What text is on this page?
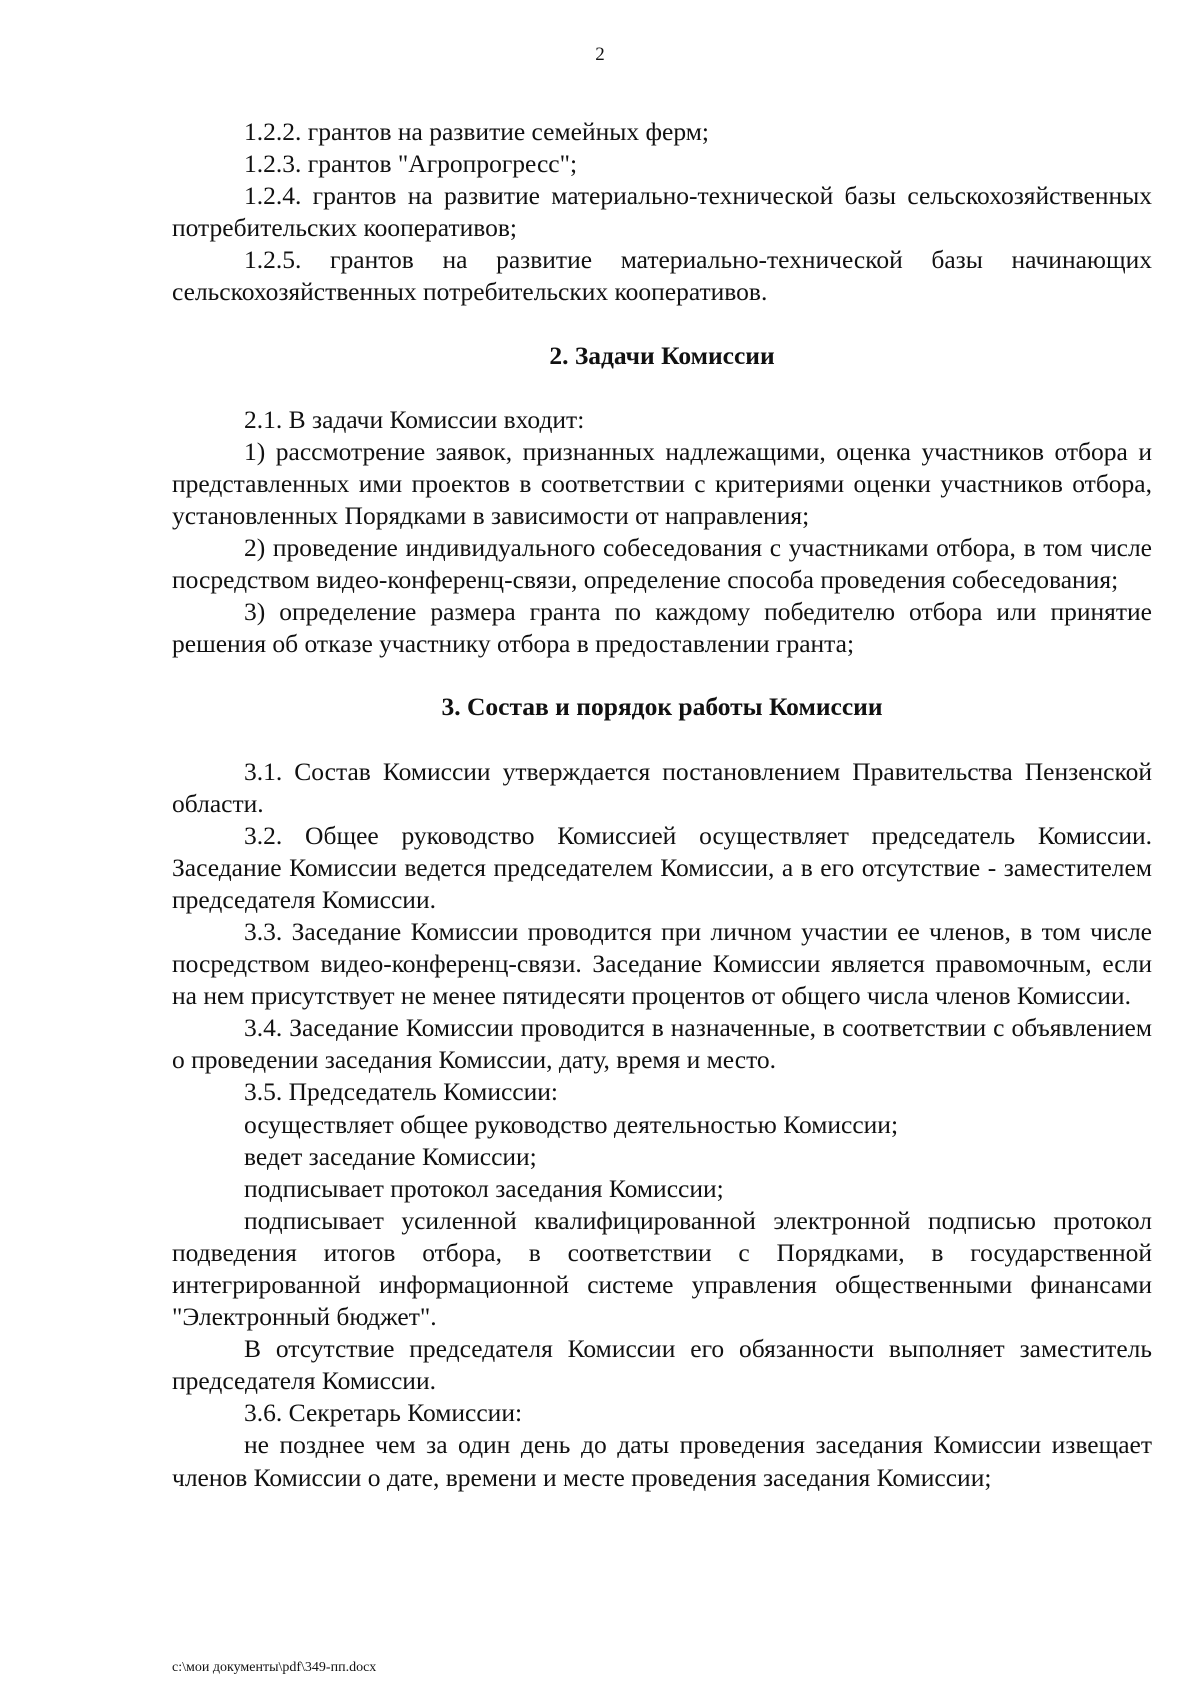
2

1.2.2. грантов на развитие семейных ферм;

1.2.3. грантов "Агропрогресс";

1.2.4. грантов на развитие материально-технической базы сельскохозяйственных потребительских кооперативов;

1.2.5. грантов на развитие материально-технической базы начинающих сельскохозяйственных потребительских кооперативов.

2. Задачи Комиссии

2.1. В задачи Комиссии входит:

1) рассмотрение заявок, признанных надлежащими, оценка участников отбора и представленных ими проектов в соответствии с критериями оценки участников отбора, установленных Порядками в зависимости от направления;

2) проведение индивидуального собеседования с участниками отбора, в том числе посредством видео-конференц-связи, определение способа проведения собеседования;

3) определение размера гранта по каждому победителю отбора или принятие решения об отказе участнику отбора в предоставлении гранта;

3. Состав и порядок работы Комиссии

3.1. Состав Комиссии утверждается постановлением Правительства Пензенской области.

3.2. Общее руководство Комиссией осуществляет председатель Комиссии. Заседание Комиссии ведется председателем Комиссии, а в его отсутствие - заместителем председателя Комиссии.

3.3. Заседание Комиссии проводится при личном участии ее членов, в том числе посредством видео-конференц-связи. Заседание Комиссии является правомочным, если на нем присутствует не менее пятидесяти процентов от общего числа членов Комиссии.

3.4. Заседание Комиссии проводится в назначенные, в соответствии с объявлением о проведении заседания Комиссии, дату, время и место.

3.5. Председатель Комиссии:

осуществляет общее руководство деятельностью Комиссии;

ведет заседание Комиссии;

подписывает протокол заседания Комиссии;

подписывает усиленной квалифицированной электронной подписью протокол подведения итогов отбора, в соответствии с Порядками, в государственной интегрированной информационной системе управления общественными финансами "Электронный бюджет".

В отсутствие председателя Комиссии его обязанности выполняет заместитель председателя Комиссии.

3.6. Секретарь Комиссии:

не позднее чем за один день до даты проведения заседания Комиссии извещает членов Комиссии о дате, времени и месте проведения заседания Комиссии;

c:\мои документы\pdf\349-пп.docx
